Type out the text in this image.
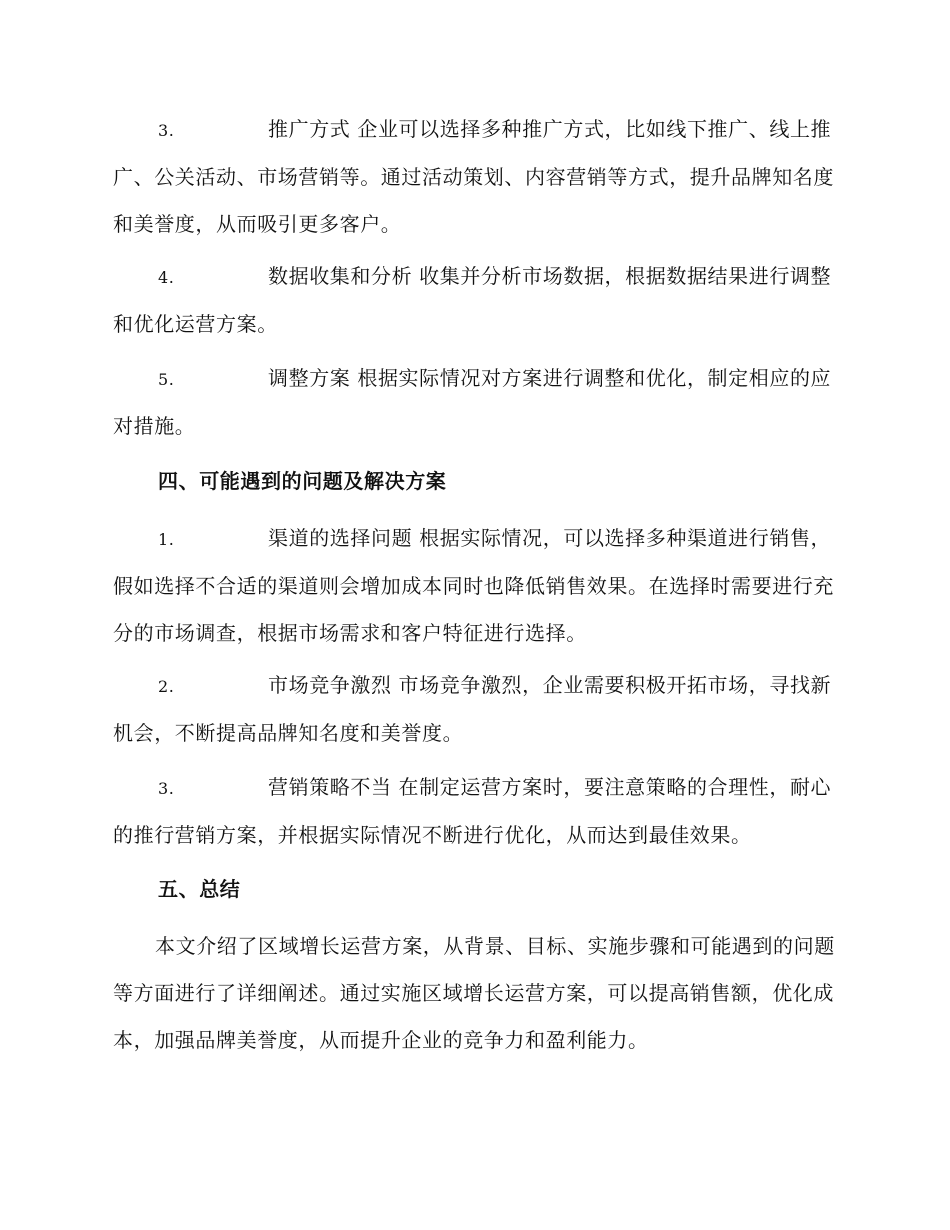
3.	推广方式 企业可以选择多种推广方式，比如线下推广、线上推广、公关活动、市场营销等。通过活动策划、内容营销等方式，提升品牌知名度和美誉度，从而吸引更多客户。

4.	数据收集和分析 收集并分析市场数据，根据数据结果进行调整和优化运营方案。

5.	调整方案 根据实际情况对方案进行调整和优化，制定相应的应对措施。

四、可能遇到的问题及解决方案

1.	渠道的选择问题 根据实际情况，可以选择多种渠道进行销售，假如选择不合适的渠道则会增加成本同时也降低销售效果。在选择时需要进行充分的市场调查，根据市场需求和客户特征进行选择。

2.	市场竞争激烈 市场竞争激烈，企业需要积极开拓市场，寻找新机会，不断提高品牌知名度和美誉度。

3.	营销策略不当 在制定运营方案时，要注意策略的合理性，耐心的推行营销方案，并根据实际情况不断进行优化，从而达到最佳效果。

五、总结

本文介绍了区域增长运营方案，从背景、目标、实施步骤和可能遇到的问题等方面进行了详细阐述。通过实施区域增长运营方案，可以提高销售额，优化成本，加强品牌美誉度，从而提升企业的竞争力和盈利能力。
